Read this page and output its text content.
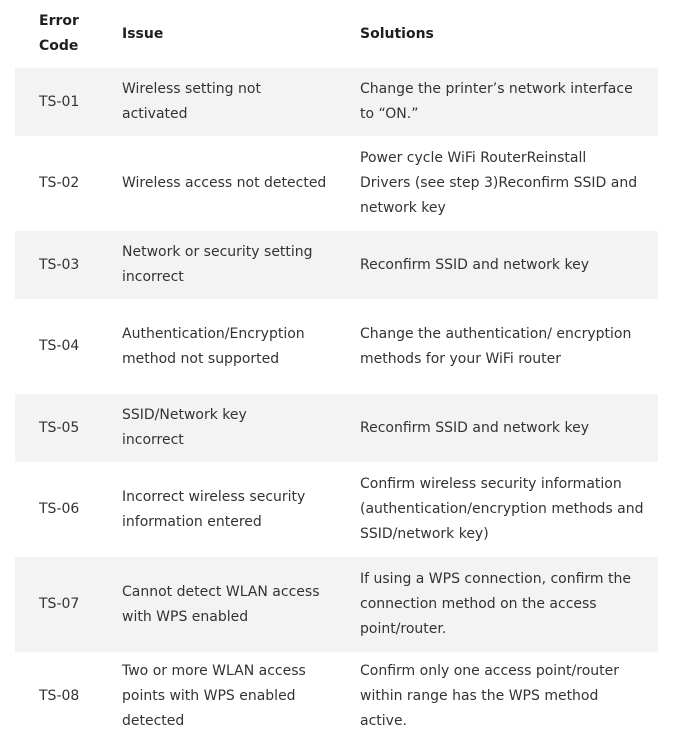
Error Code	Issue	Solutions
TS-01	Wireless setting not activated	Change the printer’s network interface to “ON.”
TS-02	Wireless access not detected	Power cycle WiFi RouterReinstall Drivers (see step 3)Reconfirm SSID and network key
TS-03	Network or security setting incorrect	Reconfirm SSID and network key
TS-04	Authentication/Encryption method not supported	Change the authentication/ encryption methods for your WiFi router
TS-05	SSID/Network key incorrect	Reconfirm SSID and network key
TS-06	Incorrect wireless security information entered	Confirm wireless security information (authentication/encryption methods and SSID/network key)
TS-07	Cannot detect WLAN access with WPS enabled	If using a WPS connection, confirm the connection method on the access point/router.
TS-08	Two or more WLAN access points with WPS enabled detected	Confirm only one access point/router within range has the WPS method active.
